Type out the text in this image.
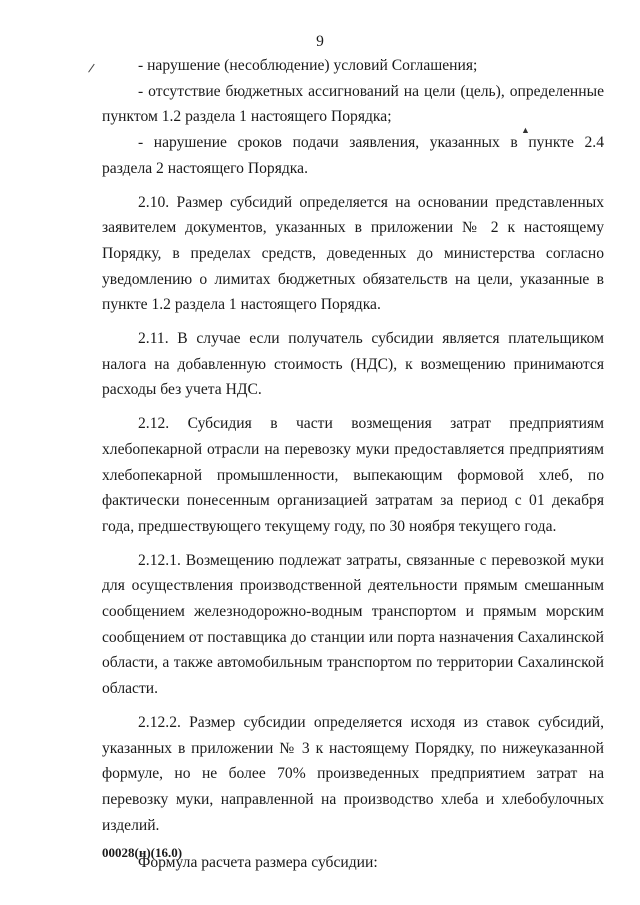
9
▲

- нарушение (несоблюдение) условий Соглашения;

- отсутствие бюджетных ассигнований на цели (цель), определенные пунктом 1.2 раздела 1 настоящего Порядка;

- нарушение сроков подачи заявления, указанных в пункте 2.4 раздела 2 настоящего Порядка.

2.10. Размер субсидий определяется на основании представленных заявителем документов, указанных в приложении № 2 к настоящему Порядку, в пределах средств, доведенных до министерства согласно уведомлению о лимитах бюджетных обязательств на цели, указанные в пункте 1.2 раздела 1 настоящего Порядка.

2.11. В случае если получатель субсидии является плательщиком налога на добавленную стоимость (НДС), к возмещению принимаются расходы без учета НДС.

2.12. Субсидия в части возмещения затрат предприятиям хлебопекарной отрасли на перевозку муки предоставляется предприятиям хлебопекарной промышленности, выпекающим формовой хлеб, по фактически понесенным организацией затратам за период с 01 декабря года, предшествующего текущему году, по 30 ноября текущего года.

2.12.1. Возмещению подлежат затраты, связанные с перевозкой муки для осуществления производственной деятельности прямым смешанным сообщением железнодорожно-водным транспортом и прямым морским сообщением от поставщика до станции или порта назначения Сахалинской области, а также автомобильным транспортом по территории Сахалинской области.

2.12.2. Размер субсидии определяется исходя из ставок субсидий, указанных в приложении № 3 к настоящему Порядку, по нижеуказанной формуле, но не более 70% произведенных предприятием затрат на перевозку муки, направленной на производство хлеба и хлебобулочных изделий.

Формула расчета размера субсидии:

00028(н)(16.0)
